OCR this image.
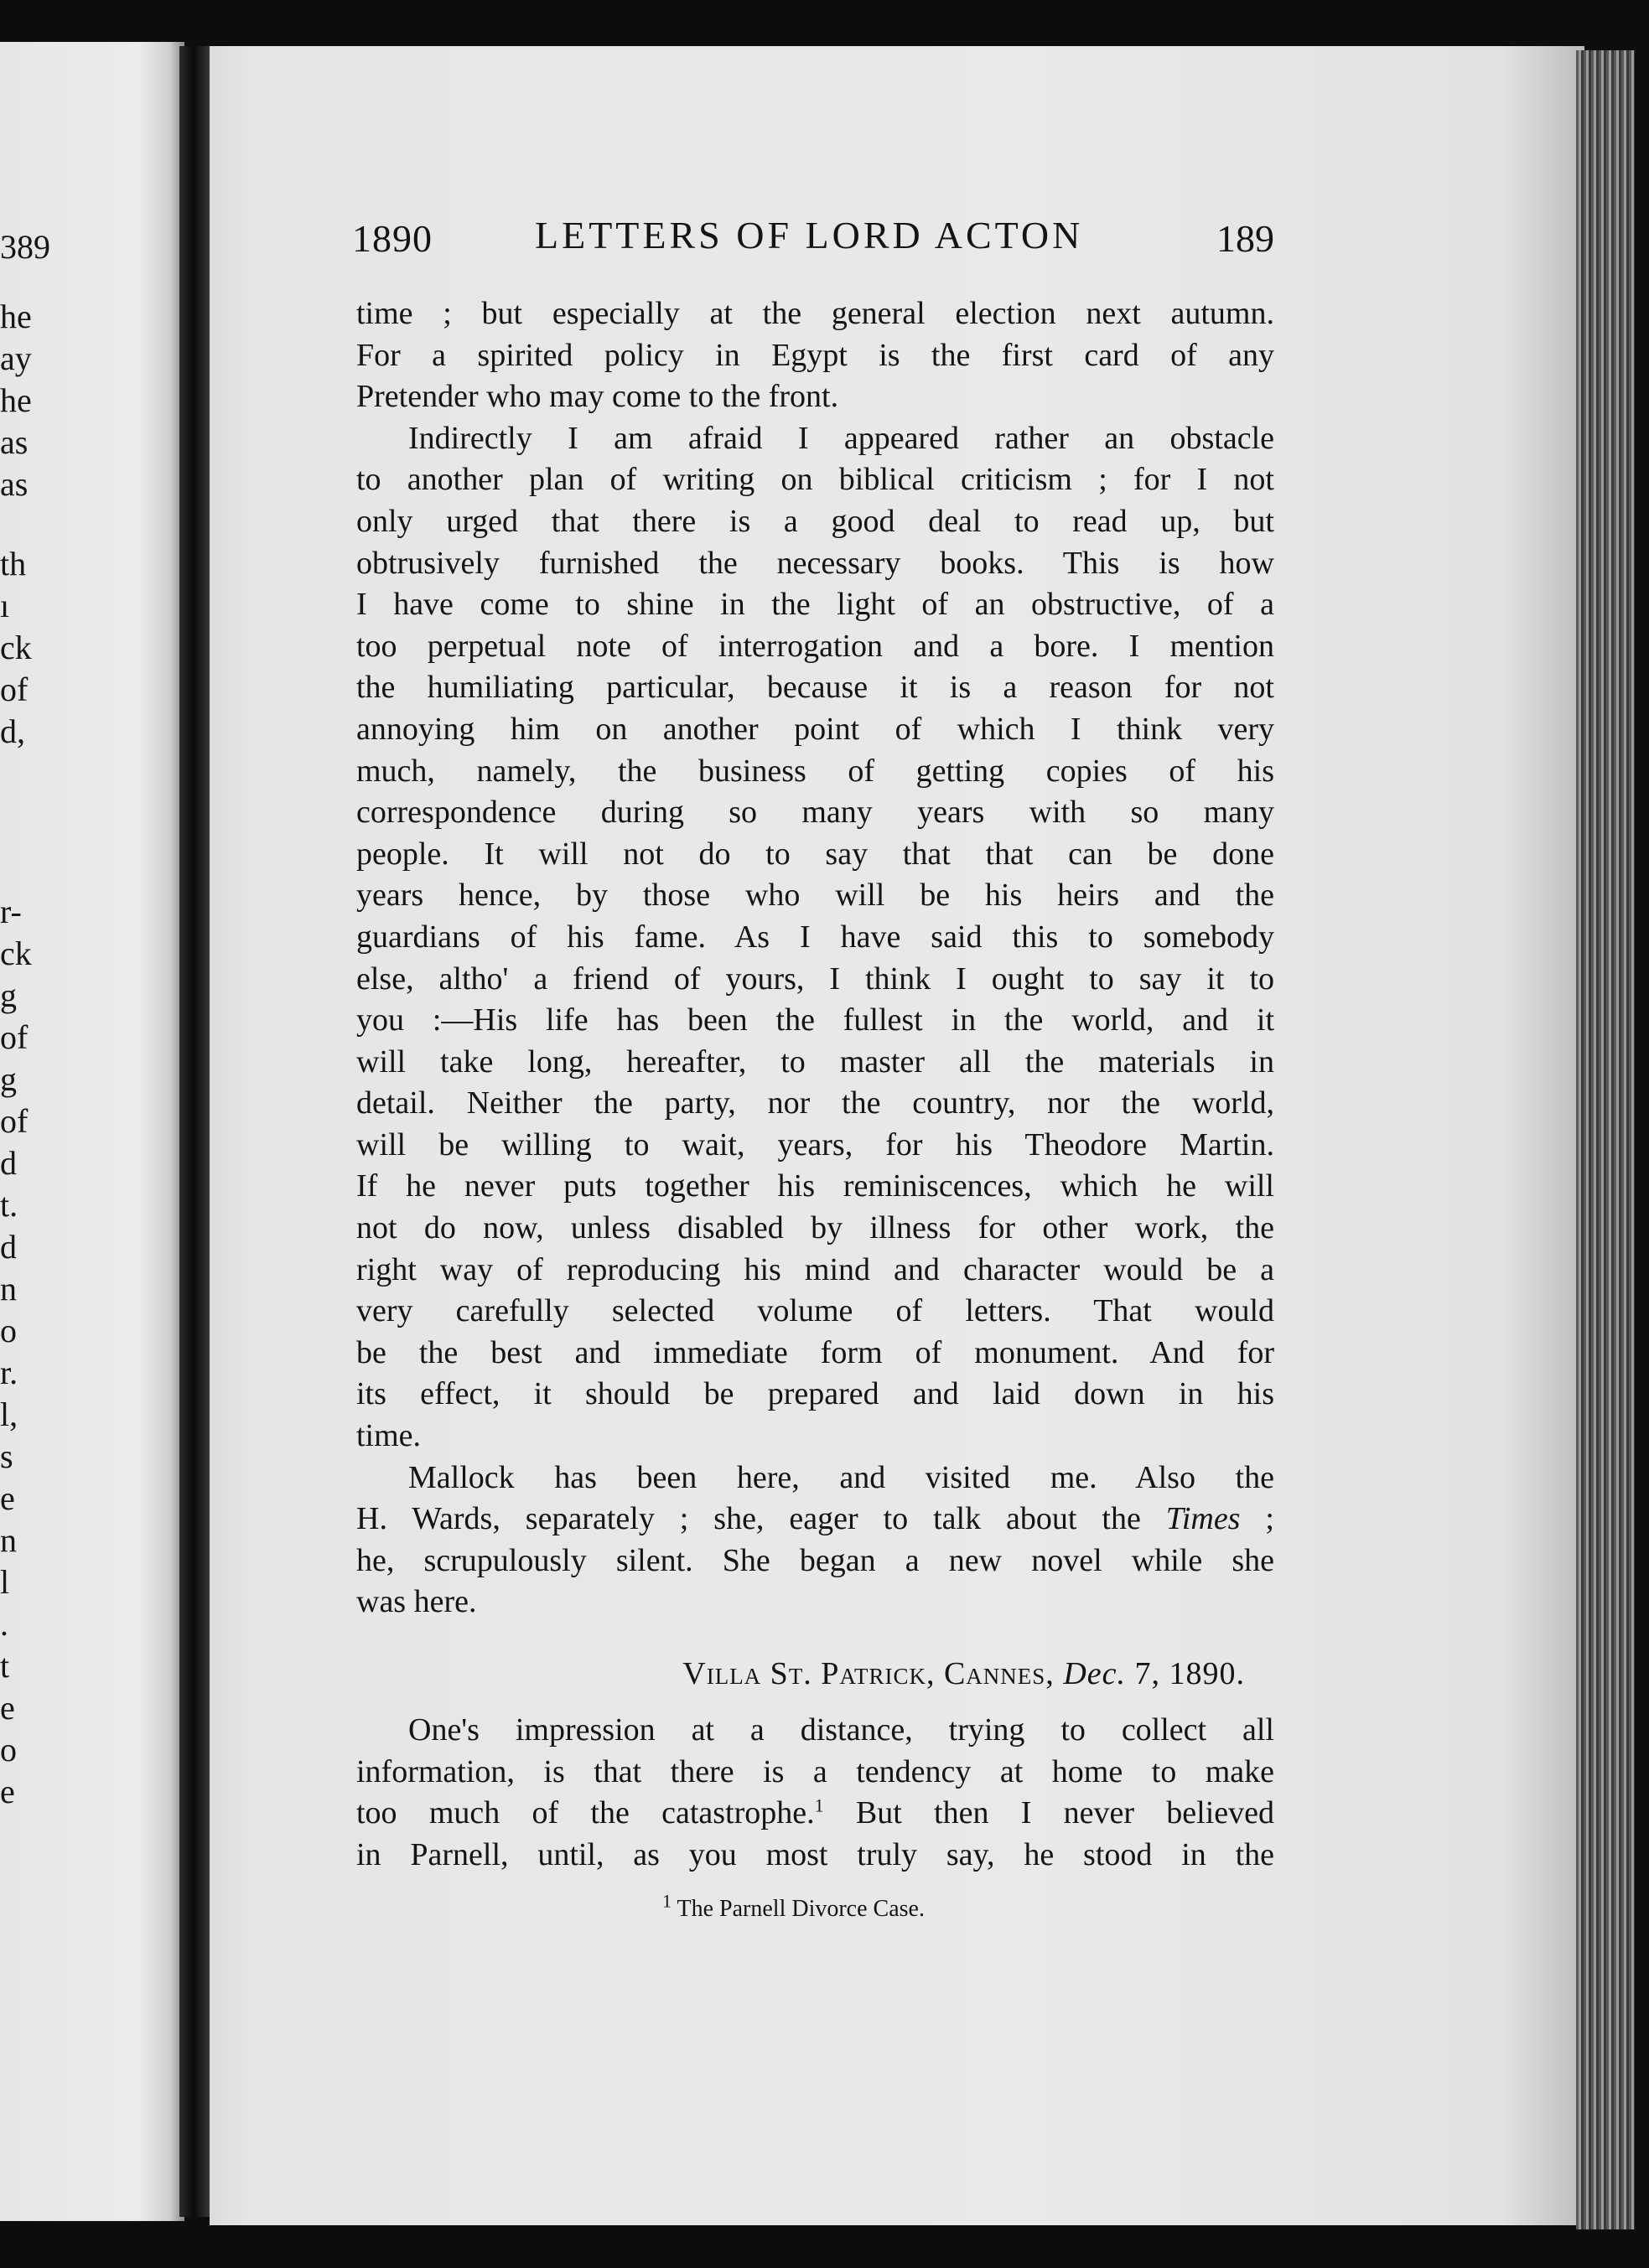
389
he
ay
he
as
as
th
ı
ck
of
d,
r-
ck
g
of
g
of
d
t.
d
n
o
r.
l,
s
e
n
l
.
t
e
o
e
1890	LETTERS OF LORD ACTON	189
time ; but especially at the general election next autumn.
For a spirited policy in Egypt is the first card of any
Pretender who may come to the front.
Indirectly I am afraid I appeared rather an obstacle
to another plan of writing on biblical criticism ; for I not
only urged that there is a good deal to read up, but
obtrusively furnished the necessary books. This is how
I have come to shine in the light of an obstructive, of a
too perpetual note of interrogation and a bore. I mention
the humiliating particular, because it is a reason for not
annoying him on another point of which I think very
much, namely, the business of getting copies of his
correspondence during so many years with so many
people. It will not do to say that that can be done
years hence, by those who will be his heirs and the
guardians of his fame. As I have said this to somebody
else, altho' a friend of yours, I think I ought to say it to
you :—His life has been the fullest in the world, and it
will take long, hereafter, to master all the materials in
detail. Neither the party, nor the country, nor the world,
will be willing to wait, years, for his Theodore Martin.
If he never puts together his reminiscences, which he will
not do now, unless disabled by illness for other work, the
right way of reproducing his mind and character would be a
very carefully selected volume of letters. That would
be the best and immediate form of monument. And for
its effect, it should be prepared and laid down in his
time.
Mallock has been here, and visited me. Also the
H. Wards, separately ; she, eager to talk about the Times ;
he, scrupulously silent. She began a new novel while she
was here.
Villa St. Patrick, Cannes, Dec. 7, 1890.
One's impression at a distance, trying to collect all
information, is that there is a tendency at home to make
too much of the catastrophe.$^1$ But then I never believed
in Parnell, until, as you most truly say, he stood in the
$^1$ The Parnell Divorce Case.
